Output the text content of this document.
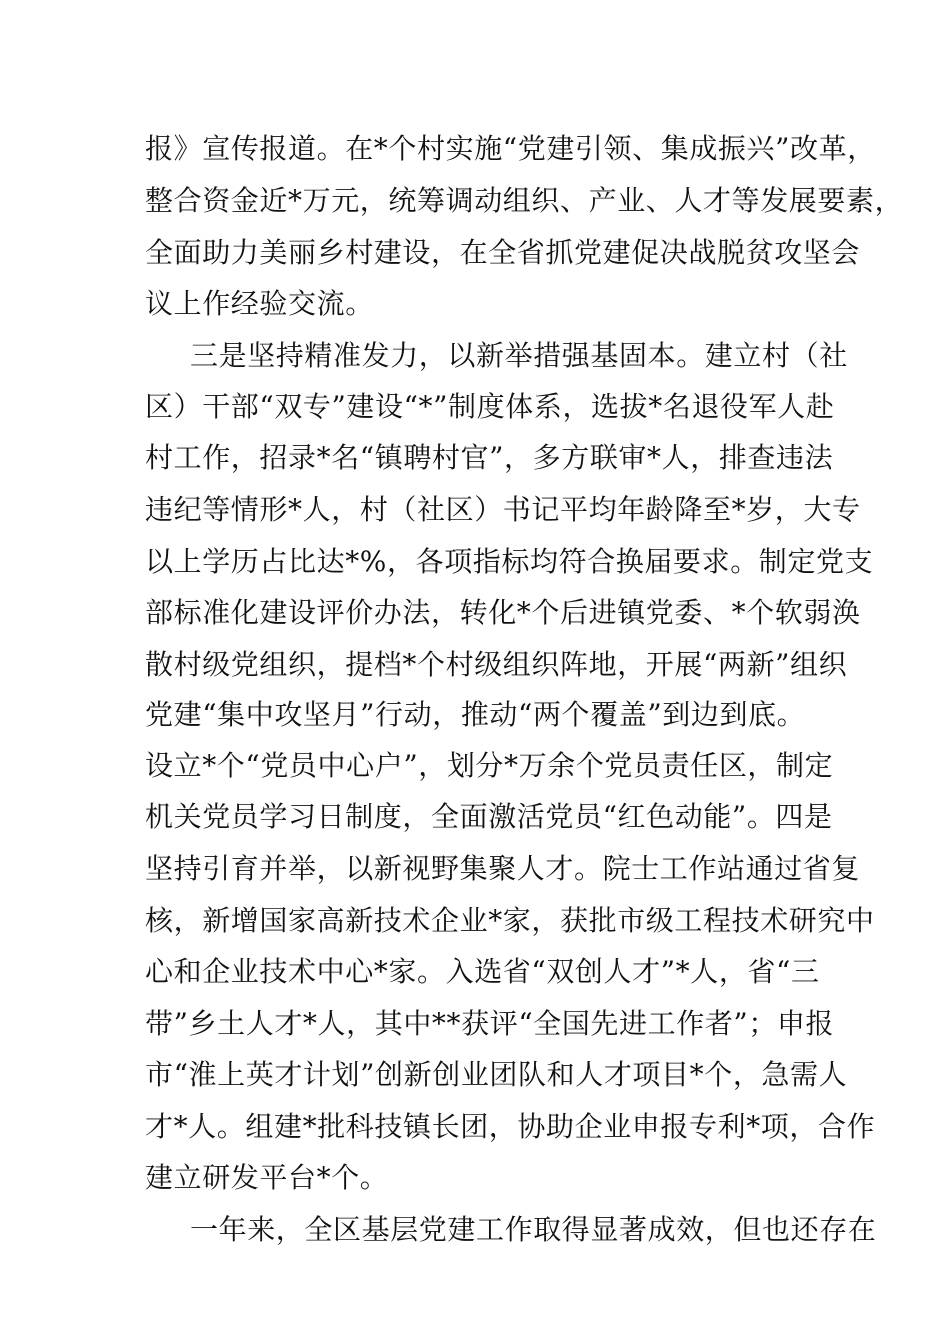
报》宣传报道。在*个村实施“党建引领、集成振兴”改革，
整合资金近*万元，统筹调动组织、产业、人才等发展要素，
全面助力美丽乡村建设，在全省抓党建促决战脱贫攻坚会
议上作经验交流。
三是坚持精准发力，以新举措强基固本。建立村（社
区）干部“双专”建设“*”制度体系，选拔*名退役军人赴
村工作，招录*名“镇聘村官”，多方联审*人，排查违法
违纪等情形*人，村（社区）书记平均年龄降至*岁，大专
以上学历占比达*%，各项指标均符合换届要求。制定党支
部标准化建设评价办法，转化*个后进镇党委、*个软弱涣
散村级党组织，提档*个村级组织阵地，开展“两新”组织
党建“集中攻坚月”行动，推动“两个覆盖”到边到底。
设立*个“党员中心户”，划分*万余个党员责任区，制定
机关党员学习日制度，全面激活党员“红色动能”。四是
坚持引育并举，以新视野集聚人才。院士工作站通过省复
核，新增国家高新技术企业*家，获批市级工程技术研究中
心和企业技术中心*家。入选省“双创人才”*人，省“三
带”乡土人才*人，其中**获评“全国先进工作者”；申报
市“淮上英才计划”创新创业团队和人才项目*个，急需人
才*人。组建*批科技镇长团，协助企业申报专利*项，合作
建立研发平台*个。
一年来，全区基层党建工作取得显著成效，但也还存在
